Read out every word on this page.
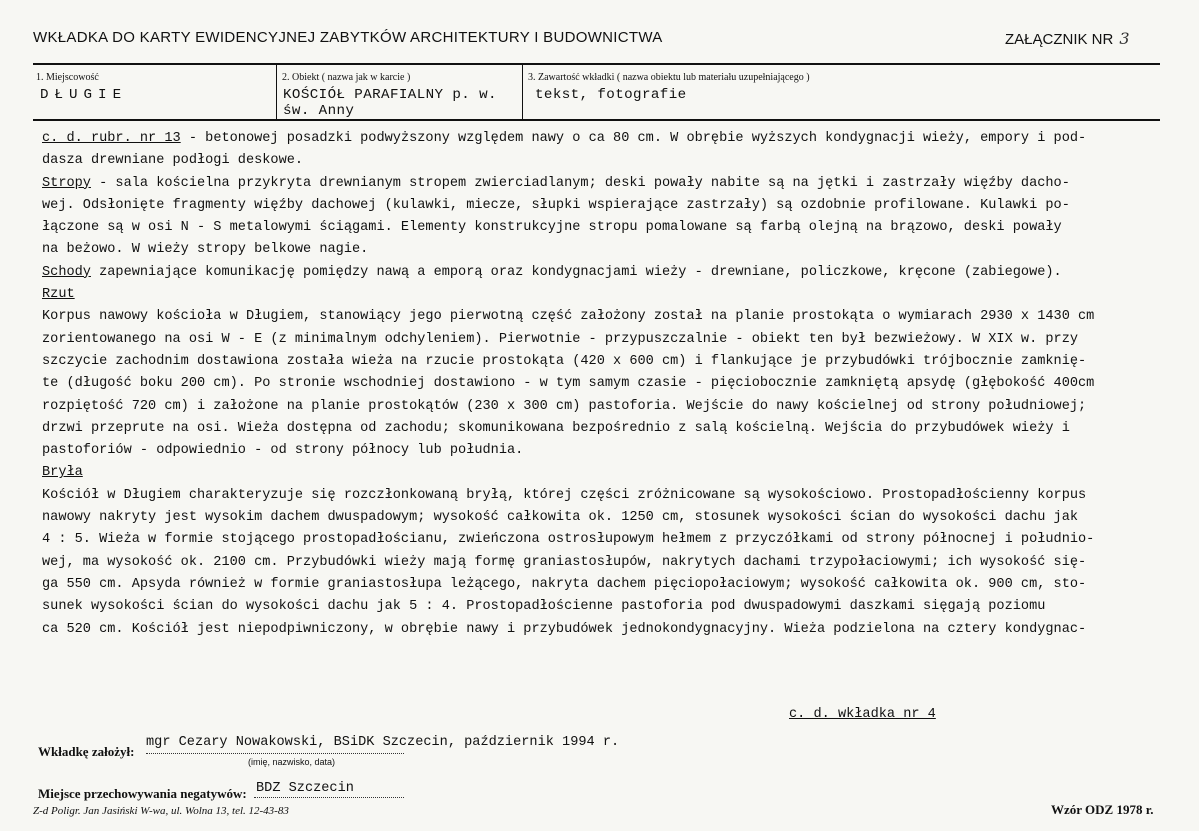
WKŁADKA DO KARTY EWIDENCYJNEJ ZABYTKÓW ARCHITEKTURY I BUDOWNICTWA	ZAŁĄCZNIK NR 3
1. Miejscowość
DŁUGIE
2. Obiekt ( nazwa jak w karcie )
KOŚCIÓŁ PARAFIALNY p. w.
św. Anny
3. Zawartość wkładki ( nazwa obiektu lub materiału uzupełniającego )
tekst, fotografie
c. d. rubr. nr 13 - betonowej posadzki podwyższony względem nawy o ca 80 cm. W obrębie wyższych kondygnacji wieży, empory i pod-
dasza drewniane podłogi deskowe.
Stropy - sala kościelna przykryta drewnianym stropem zwierciadlanym; deski powały nabite są na jętki i zastrzały więźby dacho-
wej. Odsłonięte fragmenty więźby dachowej (kulawki, miecze, słupki wspierające zastrzały) są ozdobnie profilowane. Kulawki po-
łączone są w osi N - S metalowymi ściągami. Elementy konstrukcyjne stropu pomalowane są farbą olejną na brązowo, deski powały
na beżowo. W wieży stropy belkowe nagie.
Schody zapewniające komunikację pomiędzy nawą a emporą oraz kondygnacjami wieży - drewniane, policzkowe, kręcone (zabiegowe).
Rzut
Korpus nawowy kościoła w Długiem, stanowiący jego pierwotną część założony został na planie prostokąta o wymiarach 2930 x 1430 cm
zorientowanego na osi W - E (z minimalnym odchyleniem). Pierwotnie - przypuszczalnie - obiekt ten był bezwieżowy. W XIX w. przy
szczycie zachodnim dostawiona została wieża na rzucie prostokąta (420 x 600 cm) i flankujące je przybudówki trójbocznie zamknię-
te (długość boku 200 cm). Po stronie wschodniej dostawiono - w tym samym czasie - pięciobocznie zamkniętą apsydę (głębokość 400cm
rozpiętość 720 cm) i założone na planie prostokątów (230 x 300 cm) pastoforia. Wejście do nawy kościelnej od strony południowej;
drzwi przeprute na osi. Wieża dostępna od zachodu; skomunikowana bezpośrednio z salą kościelną. Wejścia do przybudówek wieży i
pastoforiów - odpowiednio - od strony północy lub południa.
Bryła
Kościół w Długiem charakteryzuje się rozczłonkowaną bryłą, której części zróżnicowane są wysokościowo. Prostopadłościenny korpus
nawowy nakryty jest wysokim dachem dwuspadowym; wysokość całkowita ok. 1250 cm, stosunek wysokości ścian do wysokości dachu jak
4 : 5. Wieża w formie stojącego prostopadłościanu, zwieńczona ostrosłupowym hełmem z przyczółkami od strony północnej i południo-
wej, ma wysokość ok. 2100 cm. Przybudówki wieży mają formę graniastosłupów, nakrytych dachami trzypołaciowymi; ich wysokość się-
ga 550 cm. Apsyda również w formie graniastosłupa leżącego, nakryta dachem pięciopołaciowym; wysokość całkowita ok. 900 cm, sto-
sunek wysokości ścian do wysokości dachu jak 5 : 4. Prostopadłościenne pastoforia pod dwuspadowymi daszkami sięgają poziomu
ca 520 cm. Kościół jest niepodpiwniczony, w obrębie nawy i przybudówek jednokondygnacyjny. Wieża podzielona na cztery kondygnac-
c. d. wkładka nr 4
Wkładkę założył:
mgr Cezary Nowakowski, BSiDK Szczecin, październik 1994 r.
(imię, nazwisko, data)
Miejsce przechowywania negatywów: BDZ Szczecin
Z-d Poligr. Jan Jasiński W-wa, ul. Wolna 13, tel. 12-43-83	Wzór ODZ 1978 r.
